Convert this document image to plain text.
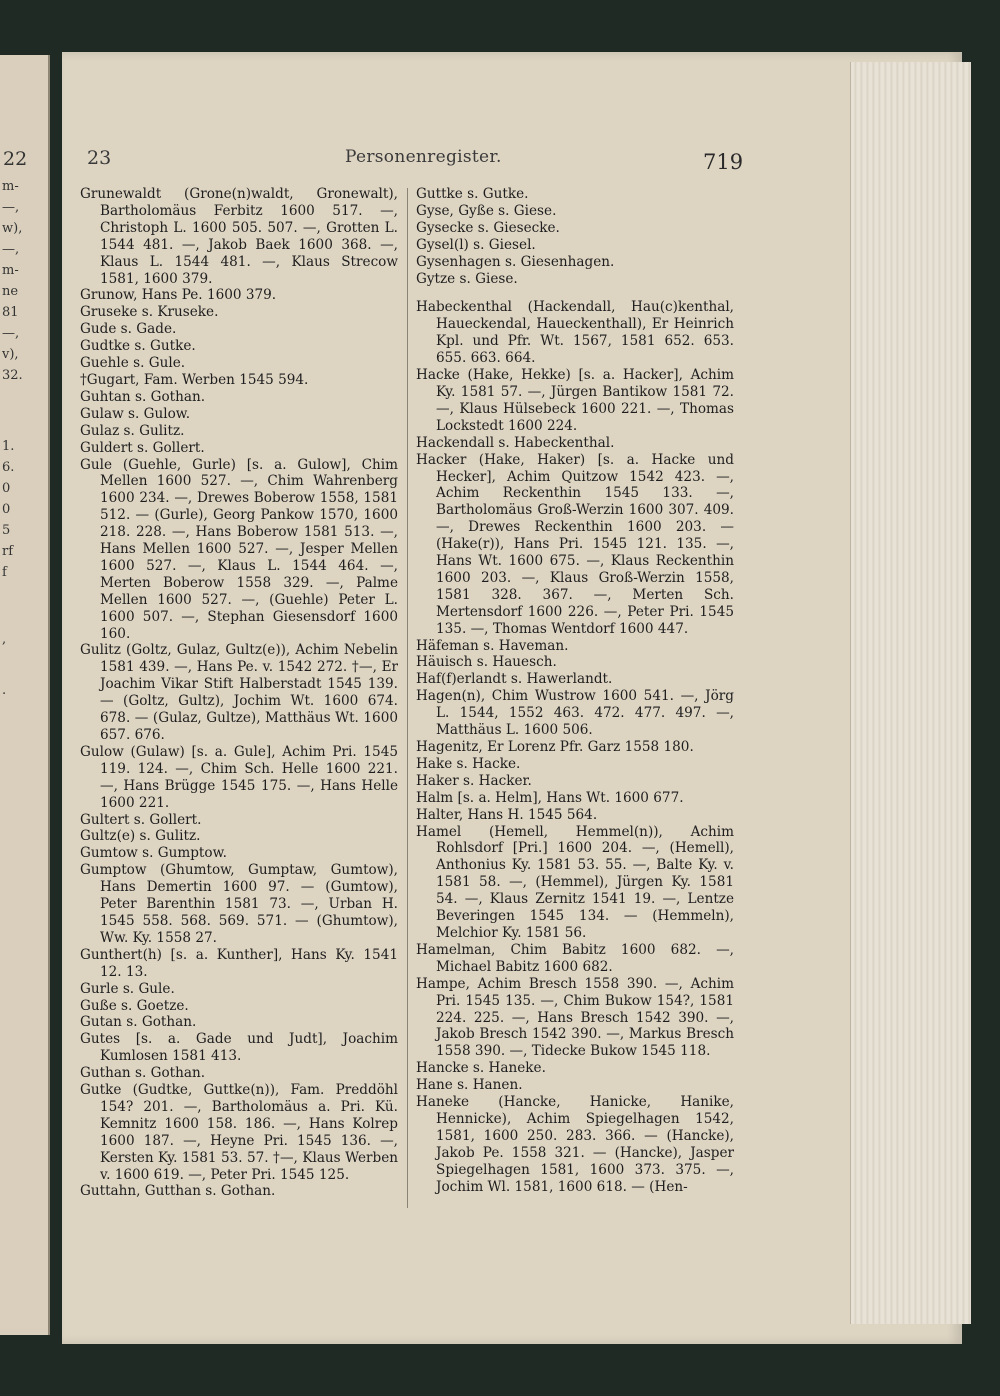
22
m-
—,
w),
—,
m-
ne
81
—,
v),
32.
1.
6.
0
0
5
rf
f
,
.
23	Personenregister.	719

Grunewaldt (Grone(n)waldt, Gronewalt), Bartholomäus Ferbitz 1600 517. —, Christoph L. 1600 505. 507. —, Grotten L. 1544 481. —, Jakob Baek 1600 368. —, Klaus L. 1544 481. —, Klaus Strecow 1581, 1600 379.

Grunow, Hans Pe. 1600 379.

Gruseke s. Kruseke.

Gude s. Gade.

Gudtke s. Gutke.

Guehle s. Gule.

†Gugart, Fam. Werben 1545 594.

Guhtan s. Gothan.

Gulaw s. Gulow.

Gulaz s. Gulitz.

Guldert s. Gollert.

Gule (Guehle, Gurle) [s. a. Gulow], Chim Mellen 1600 527. —, Chim Wahrenberg 1600 234. —, Drewes Boberow 1558, 1581 512. — (Gurle), Georg Pankow 1570, 1600 218. 228. —, Hans Boberow 1581 513. —, Hans Mellen 1600 527. —, Jesper Mellen 1600 527. —, Klaus L. 1544 464. —, Merten Boberow 1558 329. —, Palme Mellen 1600 527. —, (Guehle) Peter L. 1600 507. —, Stephan Giesensdorf 1600 160.

Gulitz (Goltz, Gulaz, Gultz(e)), Achim Nebelin 1581 439. —, Hans Pe. v. 1542 272. †—, Er Joachim Vikar Stift Halberstadt 1545 139. — (Goltz, Gultz), Jochim Wt. 1600 674. 678. — (Gulaz, Gultze), Matthäus Wt. 1600 657. 676.

Gulow (Gulaw) [s. a. Gule], Achim Pri. 1545 119. 124. —, Chim Sch. Helle 1600 221. —, Hans Brügge 1545 175. —, Hans Helle 1600 221.

Gultert s. Gollert.

Gultz(e) s. Gulitz.

Gumtow s. Gumptow.

Gumptow (Ghumtow, Gumptaw, Gumtow), Hans Demertin 1600 97. — (Gumtow), Peter Barenthin 1581 73. —, Urban H. 1545 558. 568. 569. 571. — (Ghumtow), Ww. Ky. 1558 27.

Gunthert(h) [s. a. Kunther], Hans Ky. 1541 12. 13.

Gurle s. Gule.

Guße s. Goetze.

Gutan s. Gothan.

Gutes [s. a. Gade und Judt], Joachim Kumlosen 1581 413.

Guthan s. Gothan.

Gutke (Gudtke, Guttke(n)), Fam. Preddöhl 154? 201. —, Bartholomäus a. Pri. Kü. Kemnitz 1600 158. 186. —, Hans Kolrep 1600 187. —, Heyne Pri. 1545 136. —, Kersten Ky. 1581 53. 57. †—, Klaus Werben v. 1600 619. —, Peter Pri. 1545 125.

Guttahn, Gutthan s. Gothan.

Guttke s. Gutke.

Gyse, Gyße s. Giese.

Gysecke s. Giesecke.

Gysel(l) s. Giesel.

Gysenhagen s. Giesenhagen.

Gytze s. Giese.

Habeckenthal (Hackendall, Hau(c)kenthal, Haueckendal, Haueckenthall), Er Heinrich Kpl. und Pfr. Wt. 1567, 1581 652. 653. 655. 663. 664.

Hacke (Hake, Hekke) [s. a. Hacker], Achim Ky. 1581 57. —, Jürgen Bantikow 1581 72. —, Klaus Hülsebeck 1600 221. —, Thomas Lockstedt 1600 224.

Hackendall s. Habeckenthal.

Hacker (Hake, Haker) [s. a. Hacke und Hecker], Achim Quitzow 1542 423. —, Achim Reckenthin 1545 133. —, Bartholomäus Groß-Werzin 1600 307. 409. —, Drewes Reckenthin 1600 203. — (Hake(r)), Hans Pri. 1545 121. 135. —, Hans Wt. 1600 675. —, Klaus Reckenthin 1600 203. —, Klaus Groß-Werzin 1558, 1581 328. 367. —, Merten Sch. Mertensdorf 1600 226. —, Peter Pri. 1545 135. —, Thomas Wentdorf 1600 447.

Häfeman s. Haveman.

Häuisch s. Hauesch.

Haf(f)erlandt s. Hawerlandt.

Hagen(n), Chim Wustrow 1600 541. —, Jörg L. 1544, 1552 463. 472. 477. 497. —, Matthäus L. 1600 506.

Hagenitz, Er Lorenz Pfr. Garz 1558 180.

Hake s. Hacke.

Haker s. Hacker.

Halm [s. a. Helm], Hans Wt. 1600 677.

Halter, Hans H. 1545 564.

Hamel (Hemell, Hemmel(n)), Achim Rohlsdorf [Pri.] 1600 204. —, (Hemell), Anthonius Ky. 1581 53. 55. —, Balte Ky. v. 1581 58. —, (Hemmel), Jürgen Ky. 1581 54. —, Klaus Zernitz 1541 19. —, Lentze Beveringen 1545 134. — (Hemmeln), Melchior Ky. 1581 56.

Hamelman, Chim Babitz 1600 682. —, Michael Babitz 1600 682.

Hampe, Achim Bresch 1558 390. —, Achim Pri. 1545 135. —, Chim Bukow 154?, 1581 224. 225. —, Hans Bresch 1542 390. —, Jakob Bresch 1542 390. —, Markus Bresch 1558 390. —, Tidecke Bukow 1545 118.

Hancke s. Haneke.

Hane s. Hanen.

Haneke (Hancke, Hanicke, Hanike, Hennicke), Achim Spiegelhagen 1542, 1581, 1600 250. 283. 366. — (Hancke), Jakob Pe. 1558 321. — (Hancke), Jasper Spiegelhagen 1581, 1600 373. 375. —, Jochim Wl. 1581, 1600 618. — (Hen-
